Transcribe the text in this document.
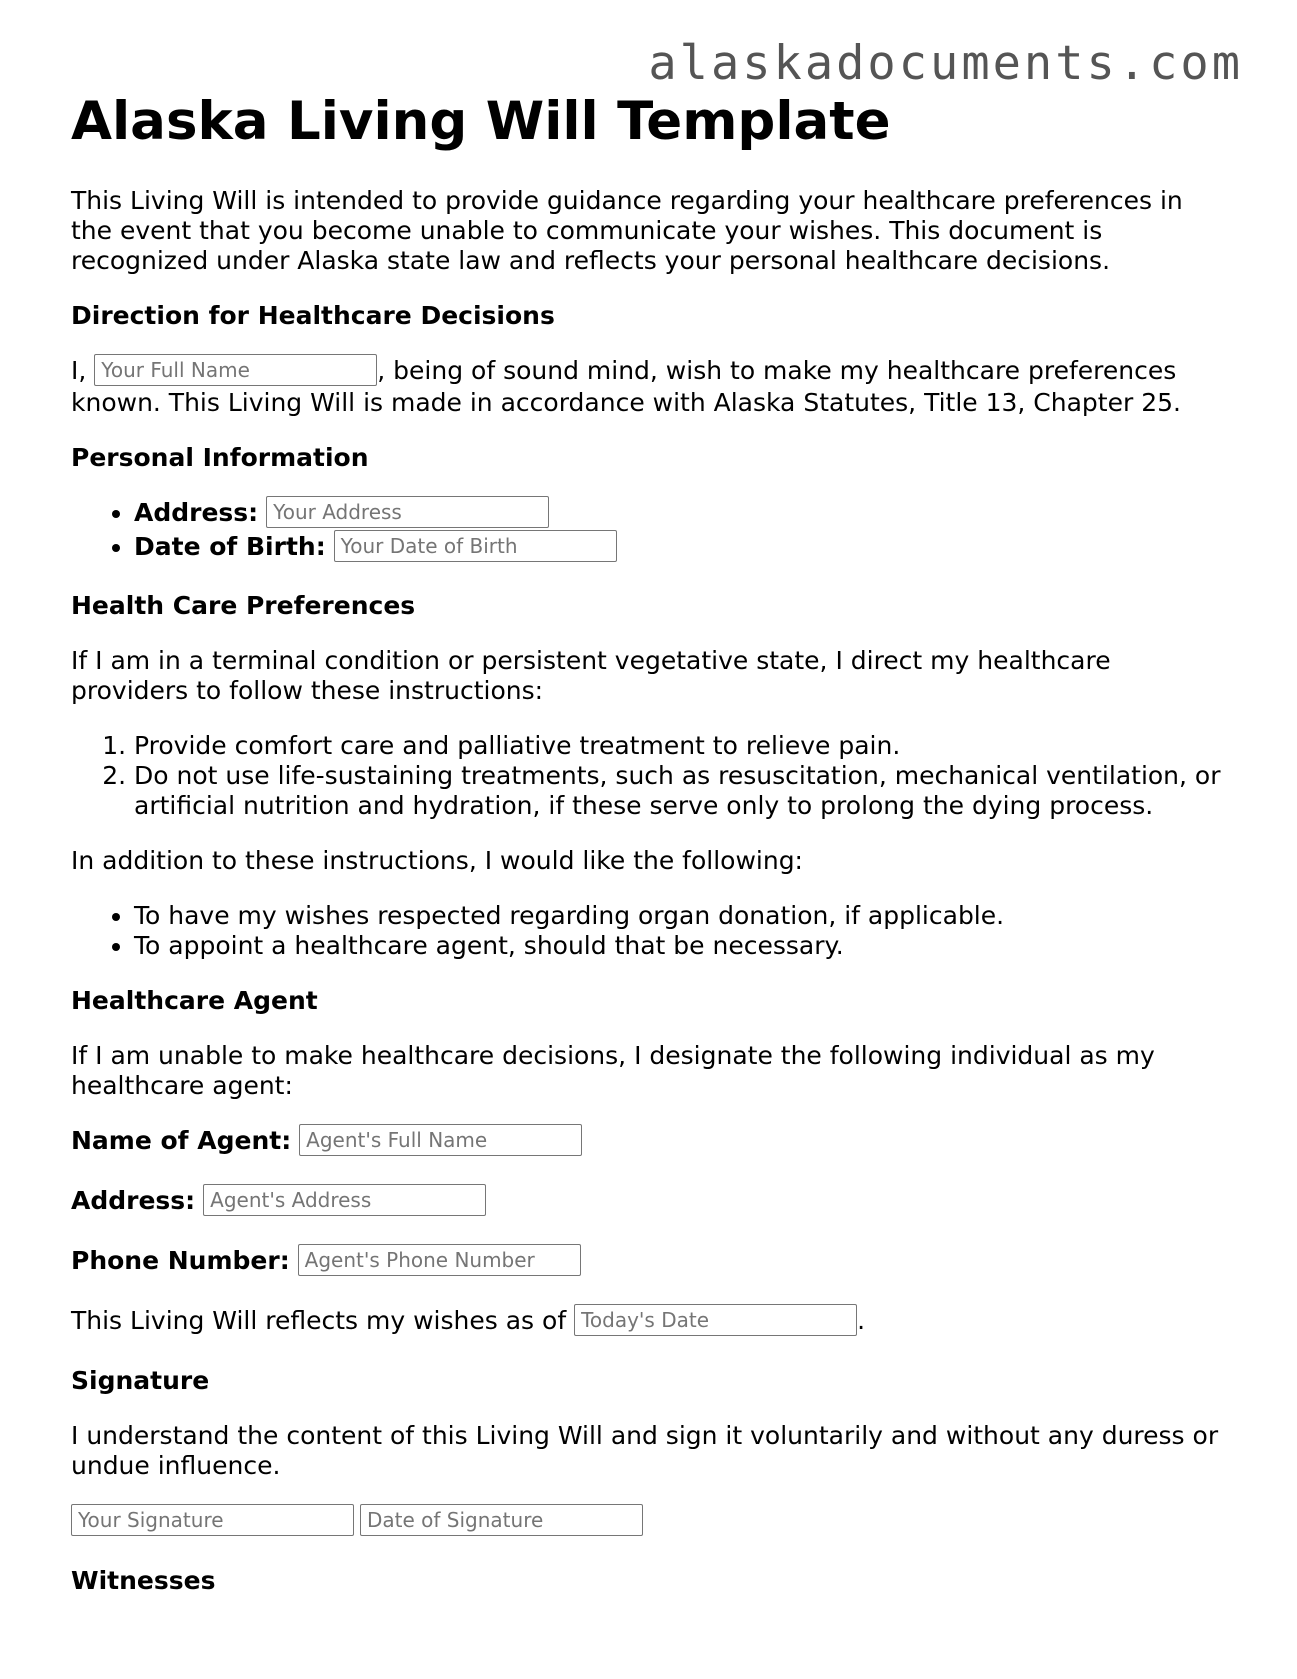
alaskadocuments.com
Alaska Living Will Template

This Living Will is intended to provide guidance regarding your healthcare preferences in the event that you become unable to communicate your wishes. This document is recognized under Alaska state law and reflects your personal healthcare decisions.

Direction for Healthcare Decisions

I, Your Full Name	, being of sound mind, wish to make my healthcare preferences known. This Living Will is made in accordance with Alaska Statutes, Title 13, Chapter 25.

Personal Information
• Address: Your Address
• Date of Birth: Your Date of Birth
Health Care Preferences

If I am in a terminal condition or persistent vegetative state, I direct my healthcare providers to follow these instructions:

1. Provide comfort care and palliative treatment to relieve pain.
2. Do not use life-sustaining treatments, such as resuscitation, mechanical ventilation, or artificial nutrition and hydration, if these serve only to prolong the dying process.

In addition to these instructions, I would like the following:

• To have my wishes respected regarding organ donation, if applicable.
• To appoint a healthcare agent, should that be necessary.
Healthcare Agent

If I am unable to make healthcare decisions, I designate the following individual as my healthcare agent:

Name of Agent: Agent's Full Name

Address: Agent's Address

Phone Number: Agent's Phone Number

This Living Will reflects my wishes as of Today's Date	.

Signature

I understand the content of this Living Will and sign it voluntarily and without any duress or undue influence.

Your Signature	Date of Signature

Witnesses
